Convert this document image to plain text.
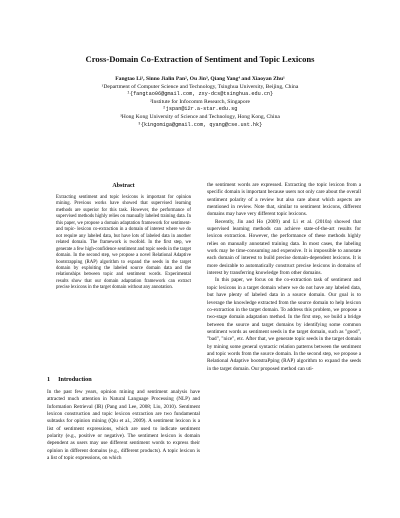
Cross-Domain Co-Extraction of Sentiment and Topic Lexicons
Fangtao Li¹, Sinno Jialin Pan², Ou Jin³, Qiang Yang⁴ and Xiaoyan Zhu¹
¹Department of Computer Science and Technology, Tsinghua University, Beijing, China
¹{fangtao06@gmail.com, zxy-dcs@tsinghua.edu.cn}
²Institute for Infocomm Research, Singapore
²jspan@i2r.a-star.edu.sg
³Hong Kong University of Science and Technology, Hong Kong, China
³{kingomiga@gmail.com, qyang@cse.ust.hk}
Abstract

Extracting sentiment and topic lexicons is important for opinion mining. Previous works have showed that supervised learning methods are superior for this task. However, the performance of supervised methods highly relies on manually labeled training data. In this paper, we propose a domain adaptation framework for sentiment- and topic- lexicon co-extraction in a domain of interest where we do not require any labeled data, but have lots of labeled data in another related domain. The framework is twofold. In the first step, we generate a few high-confidence sentiment and topic seeds in the target domain. In the second step, we propose a novel Relational Adaptive bootstrapping (RAP) algorithm to expand the seeds in the target domain by exploiting the labeled source domain data and the relationships between topic and sentiment words. Experimental results show that our domain adaptation framework can extract precise lexicons in the target domain without any annotation.

1 Introduction

In the past few years, opinion mining and sentiment analysis have attracted much attention in Natural Language Processing (NLP) and Information Retrieval (IR) (Pang and Lee, 2008; Liu, 2010). Sentiment lexicon construction and topic lexicon extraction are two fundamental subtasks for opinion mining (Qiu et al., 2009). A sentiment lexicon is a list of sentiment expressions, which are used to indicate sentiment polarity (e.g., positive or negative). The sentiment lexicon is domain dependent as users may use different sentiment words to express their opinion in different domains (e.g., different products). A topic lexicon is a list of topic expressions, on which

the sentiment words are expressed. Extracting the topic lexicon from a specific domain is important because users not only care about the overall sentiment polarity of a review but also care about which aspects are mentioned in review. Note that, similar to sentiment lexicons, different domains may have very different topic lexicons.

Recently, Jin and Ho (2009) and Li et al. (2010a) showed that supervised learning methods can achieve state-of-the-art results for lexicon extraction. However, the performance of these methods highly relies on manually annotated training data. In most cases, the labeling work may be time-consuming and expensive. It is impossible to annotate each domain of interest to build precise domain-dependent lexicons. It is more desirable to automatically construct precise lexicons in domains of interest by transferring knowledge from other domains.

In this paper, we focus on the co-extraction task of sentiment and topic lexicons in a target domain where we do not have any labeled data, but have plenty of labeled data in a source domain. Our goal is to leverage the knowledge extracted from the source domain to help lexicon co-extraction in the target domain. To address this problem, we propose a two-stage domain adaptation method. In the first step, we build a bridge between the source and target domains by identifying some common sentiment words as sentiment seeds in the target domain, such as "good", "bad", "nice", etc. After that, we generate topic seeds in the target domain by mining some general syntactic relation patterns between the sentiment and topic words from the source domain. In the second step, we propose a Relational Adaptive bootstraPping (RAP) algorithm to expand the seeds in the target domain. Our proposed method can uti-
